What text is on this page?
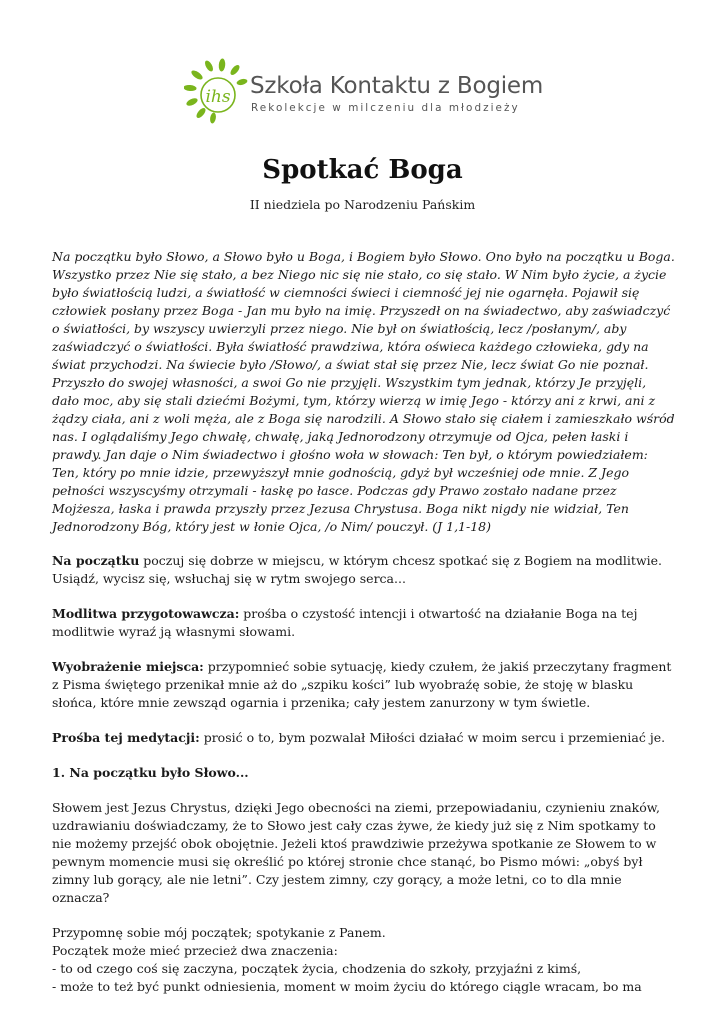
ihs Szkoła Kontaktu z Bogiem
Rekolekcje w milczeniu dla młodzieży
Spotkać Boga
II niedziela po Narodzeniu Pańskim

Na początku było Słowo, a Słowo było u Boga, i Bogiem było Słowo. Ono było na początku u Boga. Wszystko przez Nie się stało, a bez Niego nic się nie stało, co się stało. W Nim było życie, a życie było światłością ludzi, a światłość w ciemności świeci i ciemność jej nie ogarnęła. Pojawił się człowiek posłany przez Boga - Jan mu było na imię. Przyszedł on na świadectwo, aby zaświadczyć o światłości, by wszyscy uwierzyli przez niego. Nie był on światłością, lecz /posłanym/, aby zaświadczyć o światłości. Była światłość prawdziwa, która oświeca każdego człowieka, gdy na świat przychodzi. Na świecie było /Słowo/, a świat stał się przez Nie, lecz świat Go nie poznał. Przyszło do swojej własności, a swoi Go nie przyjęli. Wszystkim tym jednak, którzy Je przyjęli, dało moc, aby się stali dziećmi Bożymi, tym, którzy wierzą w imię Jego - którzy ani z krwi, ani z żądzy ciała, ani z woli męża, ale z Boga się narodzili. A Słowo stało się ciałem i zamieszkało wśród nas. I oglądaliśmy Jego chwałę, chwałę, jaką Jednorodzony otrzymuje od Ojca, pełen łaski i prawdy. Jan daje o Nim świadectwo i głośno woła w słowach: Ten był, o którym powiedziałem: Ten, który po mnie idzie, przewyższył mnie godnością, gdyż był wcześniej ode mnie. Z Jego pełności wszyscyśmy otrzymali - łaskę po łasce. Podczas gdy Prawo zostało nadane przez Mojżesza, łaska i prawda przyszły przez Jezusa Chrystusa. Boga nikt nigdy nie widział, Ten Jednorodzony Bóg, który jest w łonie Ojca, /o Nim/ pouczył. (J 1,1-18)

Na początku poczuj się dobrze w miejscu, w którym chcesz spotkać się z Bogiem na modlitwie. Usiądź, wycisz się, wsłuchaj się w rytm swojego serca...

Modlitwa przygotowawcza: prośba o czystość intencji i otwartość na działanie Boga na tej modlitwie wyraź ją własnymi słowami.

Wyobrażenie miejsca: przypomnieć sobie sytuację, kiedy czułem, że jakiś przeczytany fragment z Pisma świętego przenikał mnie aż do „szpiku kości” lub wyobraźę sobie, że stoję w blasku słońca, które mnie zewsząd ogarnia i przenika; cały jestem zanurzony w tym świetle.

Prośba tej medytacji: prosić o to, bym pozwalał Miłości działać w moim sercu i przemieniać je.

1. Na początku było Słowo...

Słowem jest Jezus Chrystus, dzięki Jego obecności na ziemi, przepowiadaniu, czynieniu znaków, uzdrawianiu doświadczamy, że to Słowo jest cały czas żywe, że kiedy już się z Nim spotkamy to nie możemy przejść obok obojętnie. Jeżeli ktoś prawdziwie przeżywa spotkanie ze Słowem to w pewnym momencie musi się określić po której stronie chce stanąć, bo Pismo mówi: „obyś był zimny lub gorący, ale nie letni”. Czy jestem zimny, czy gorący, a może letni, co to dla mnie oznacza?

Przypomnę sobie mój początek; spotykanie z Panem.

Początek może mieć przecież dwa znaczenia:

- to od czego coś się zaczyna, początek życia, chodzenia do szkoły, przyjaźni z kimś,

- może to też być punkt odniesienia, moment w moim życiu do którego ciągle wracam, bo ma
